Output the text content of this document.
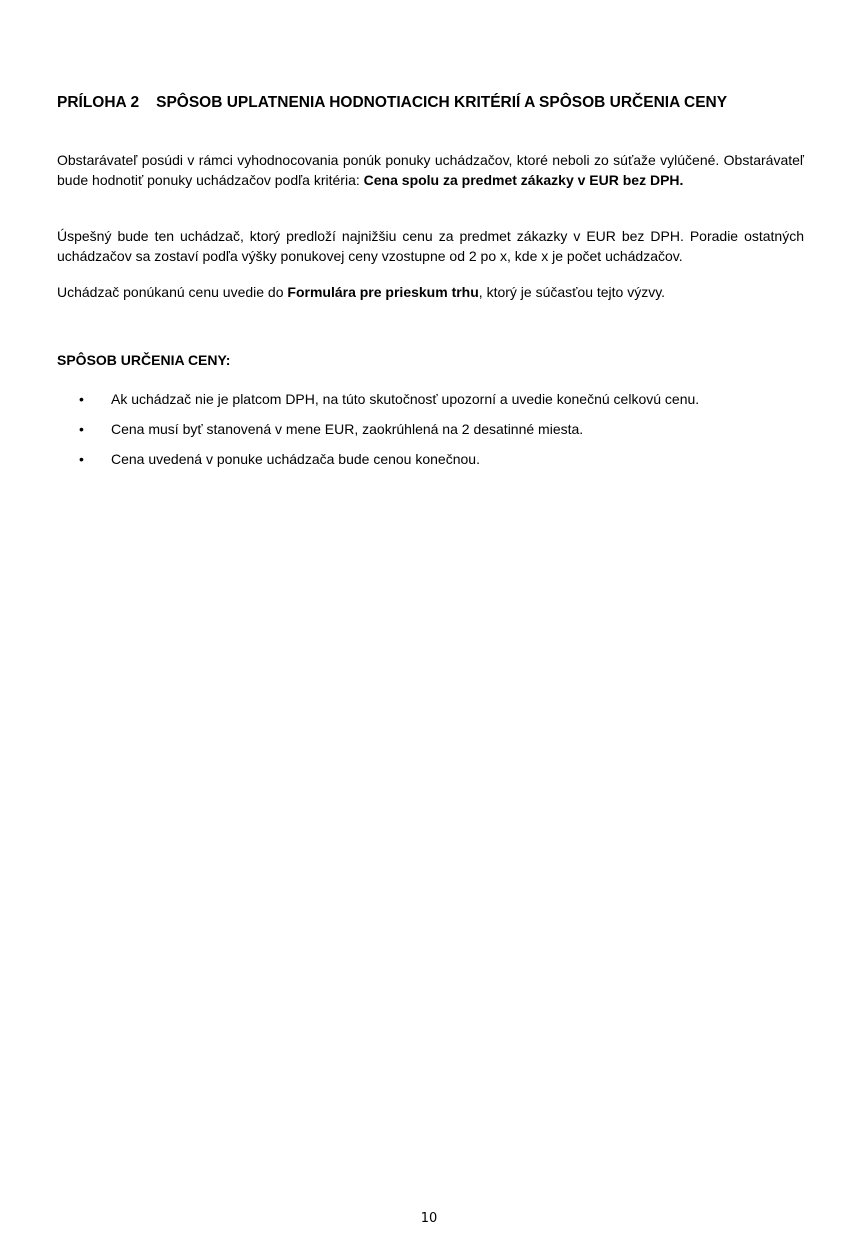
PRÍLOHA 2 SPÔSOB UPLATNENIA HODNOTIACICH KRITÉRIÍ A SPÔSOB URČENIA CENY
Obstarávateľ posúdi v rámci vyhodnocovania ponúk ponuky uchádzačov, ktoré neboli zo súťaže vylúčené. Obstarávateľ bude hodnotiť ponuky uchádzačov podľa kritéria: Cena spolu za predmet zákazky v EUR bez DPH.
Úspešný bude ten uchádzač, ktorý predloží najnižšiu cenu za predmet zákazky v EUR bez DPH. Poradie ostatných uchádzačov sa zostaví podľa výšky ponukovej ceny vzostupne od 2 po x, kde x je počet uchádzačov.
Uchádzač ponúkanú cenu uvedie do Formulára pre prieskum trhu, ktorý je súčasťou tejto výzvy.
SPÔSOB URČENIA CENY:
• Ak uchádzač nie je platcom DPH, na túto skutočnosť upozorní a uvedie konečnú celkovú cenu.
• Cena musí byť stanovená v mene EUR, zaokrúhlená na 2 desatinné miesta.
• Cena uvedená v ponuke uchádzača bude cenou konečnou.
10
